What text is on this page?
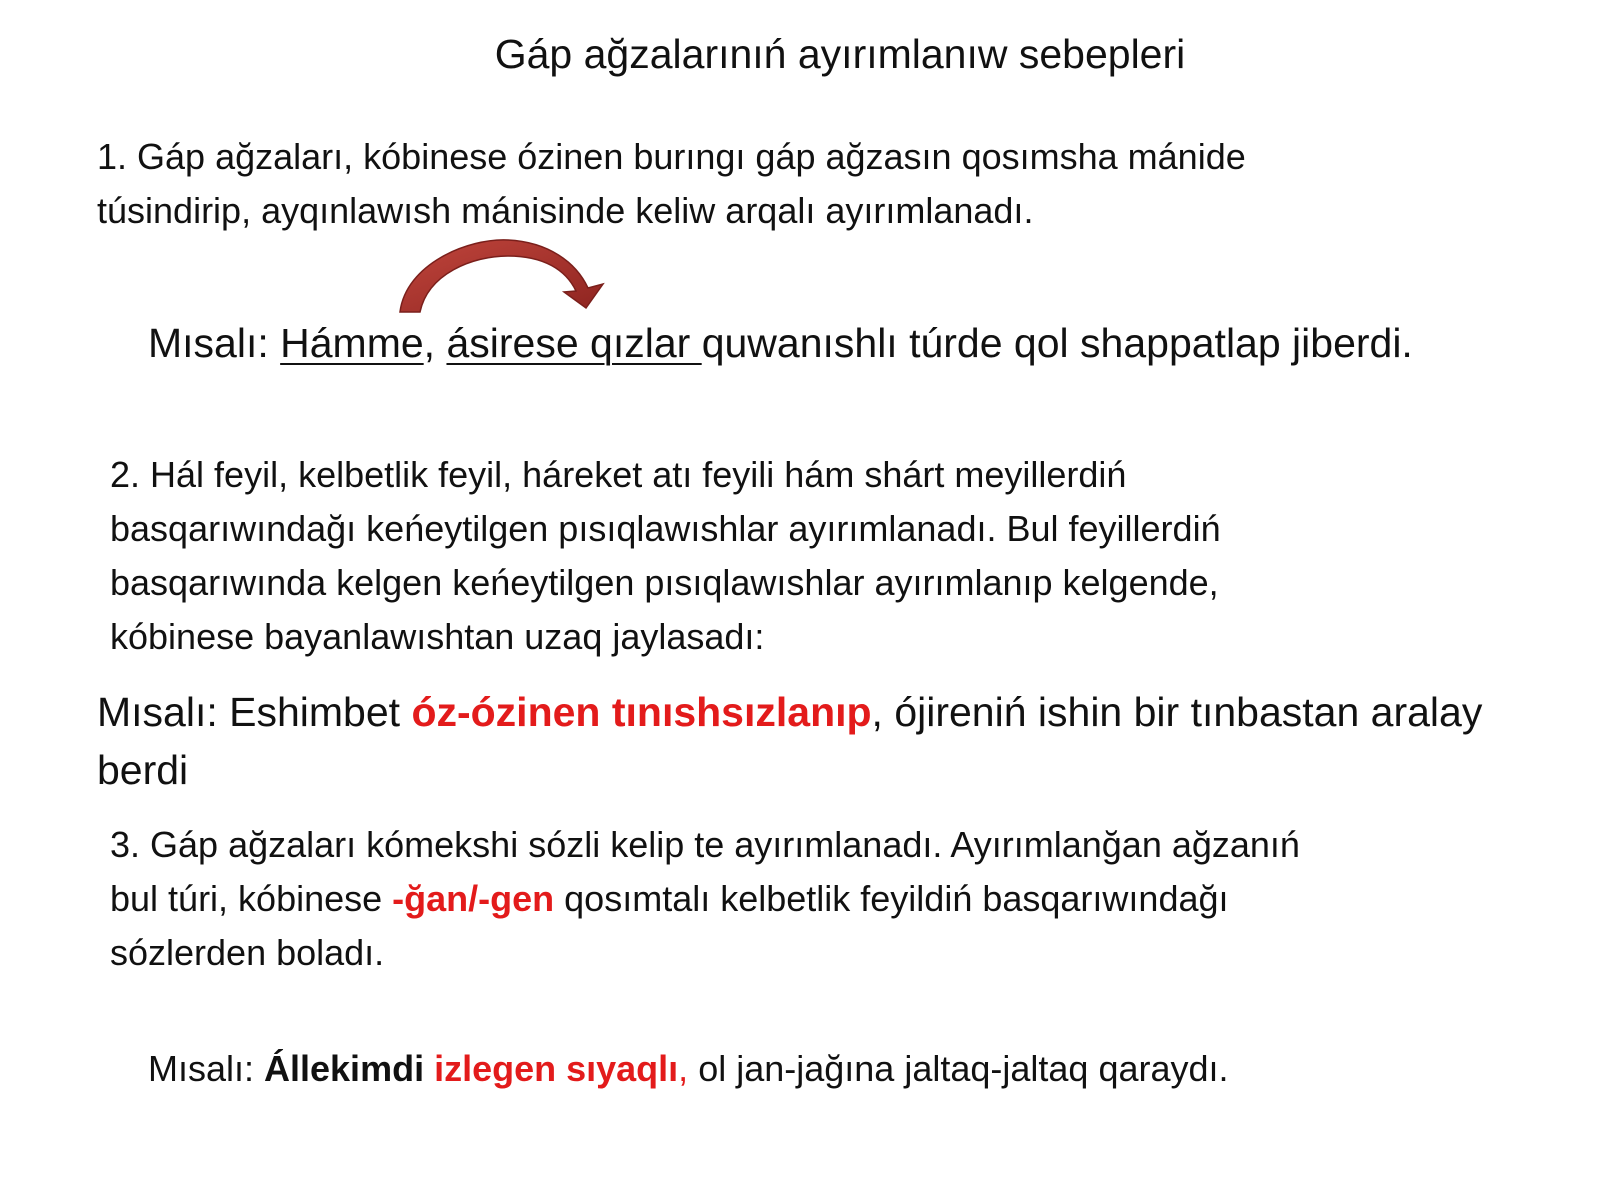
Gáp ağzalarınıń ayırımlanıw sebepleri
1. Gáp ağzaları, kóbinese ózinen burıngı gáp ağzasın qosımsha mánide
túsindirip, ayqınlawısh mánisinde keliw arqalı ayırımlanadı.
Mısalı: Hámme, ásirese qızlar quwanıshlı túrde qol shappatlap jiberdi.
2. Hál feyil, kelbetlik feyil, háreket atı feyili hám shárt meyillerdiń
basqarıwındağı keńeytilgen pısıqlawıshlar ayırımlanadı. Bul feyillerdiń
basqarıwında kelgen keńeytilgen pısıqlawıshlar ayırımlanıp kelgende,
kóbinese bayanlawıshtan uzaq jaylasadı:
Mısalı: Eshimbet óz-ózinen tınıshsızlanıp, ójireniń ishin bir tınbastan aralay
berdi
3. Gáp ağzaları kómekshi sózli kelip te ayırımlanadı. Ayırımlanğan ağzanıń
bul túri, kóbinese -ğan/-gen qosımtalı kelbetlik feyildiń basqarıwındağı
sózlerden boladı.
Mısalı: Állekimdi izlegen sıyaqlı, ol jan-jağına jaltaq-jaltaq qaraydı.
